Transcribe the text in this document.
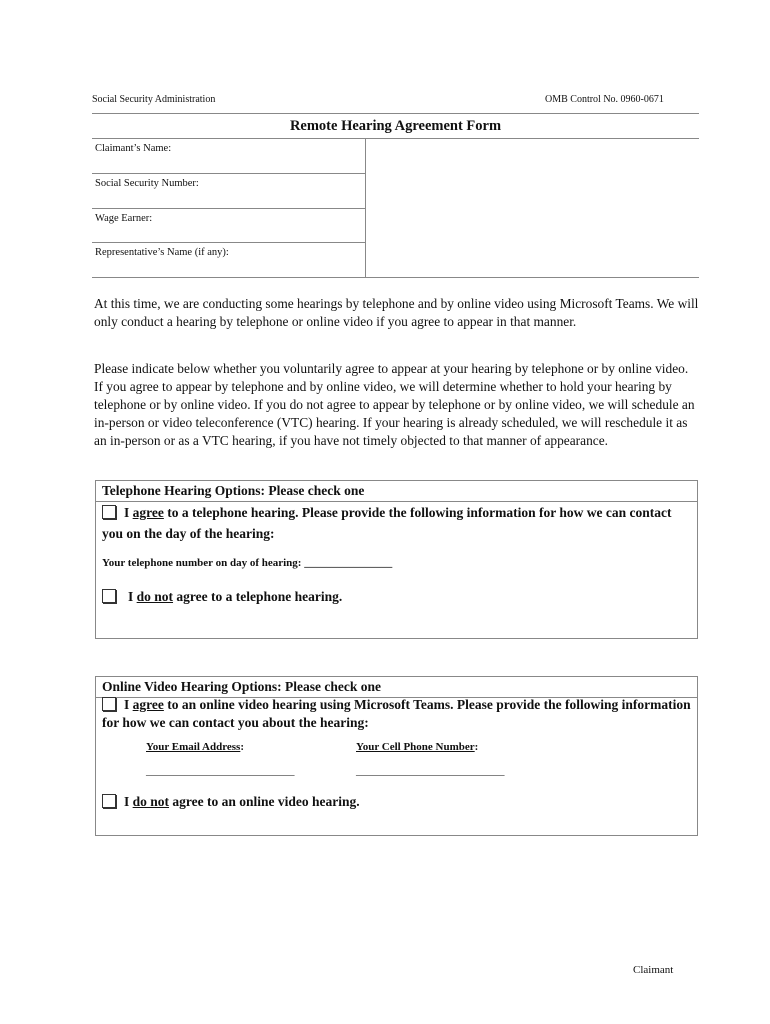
Social Security Administration	OMB Control No. 0960-0671
Remote Hearing Agreement Form
Claimant’s Name:
Social Security Number:
Wage Earner:
Representative’s Name (if any):
At this time, we are conducting some hearings by telephone and by online video using Microsoft Teams. We will only conduct a hearing by telephone or online video if you agree to appear in that manner.
Please indicate below whether you voluntarily agree to appear at your hearing by telephone or by online video. If you agree to appear by telephone and by online video, we will determine whether to hold your hearing by telephone or by online video. If you do not agree to appear by telephone or by online video, we will schedule an in-person or video teleconference (VTC) hearing. If your hearing is already scheduled, we will reschedule it as an in-person or as a VTC hearing, if you have not timely objected to that manner of appearance.
Telephone Hearing Options: Please check one
I agree to a telephone hearing. Please provide the following information for how we can contact you on the day of the hearing:
Your telephone number on day of hearing: ________________
I do not agree to a telephone hearing.
Online Video Hearing Options: Please check one
I agree to an online video hearing using Microsoft Teams. Please provide the following information for how we can contact you about the hearing:
Your Email Address:	Your Cell Phone Number:
___________________________	___________________________
I do not agree to an online video hearing.
Claimant
